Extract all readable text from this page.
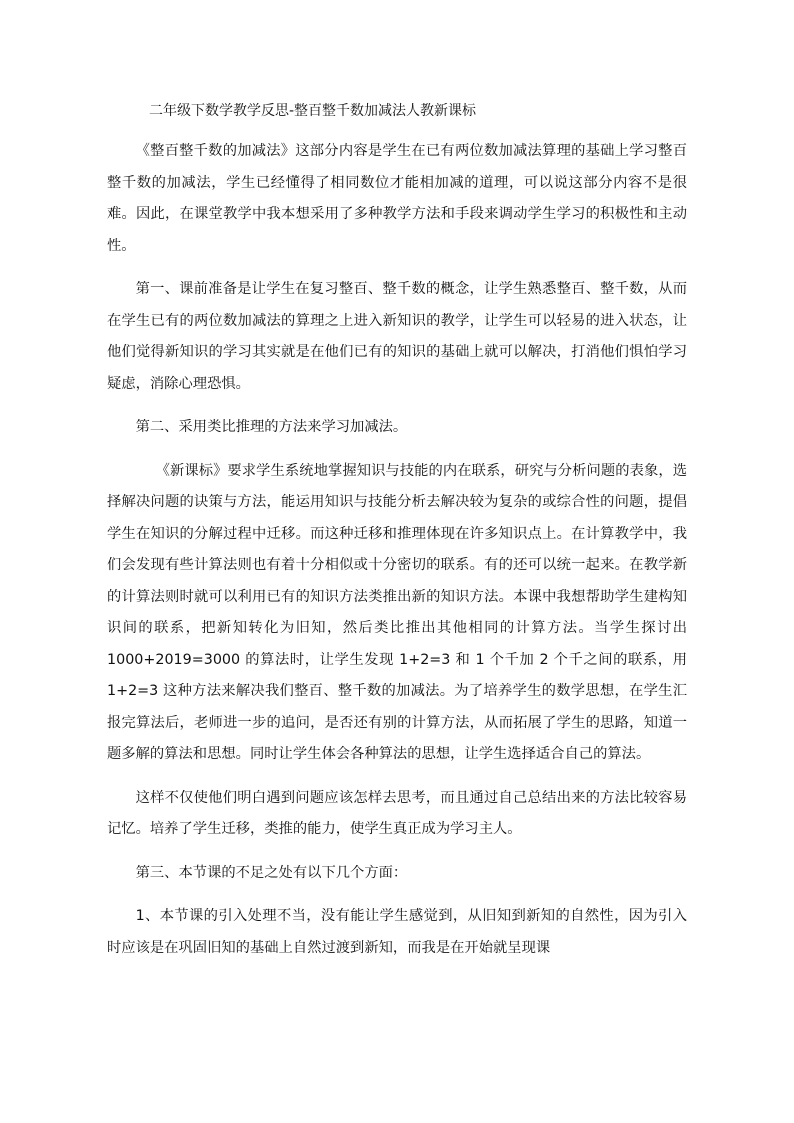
二年级下数学教学反思-整百整千数加减法人教新课标

《整百整千数的加减法》这部分内容是学生在已有两位数加减法算理的基础上学习整百整千数的加减法，学生已经懂得了相同数位才能相加减的道理，可以说这部分内容不是很难。因此，在课堂教学中我本想采用了多种教学方法和手段来调动学生学习的积极性和主动性。

第一、课前准备是让学生在复习整百、整千数的概念，让学生熟悉整百、整千数，从而在学生已有的两位数加减法的算理之上进入新知识的教学，让学生可以轻易的进入状态，让他们觉得新知识的学习其实就是在他们已有的知识的基础上就可以解决，打消他们惧怕学习疑虑，消除心理恐惧。

第二、采用类比推理的方法来学习加减法。

《新课标》要求学生系统地掌握知识与技能的内在联系，研究与分析问题的表象，选择解决问题的诀策与方法，能运用知识与技能分析去解决较为复杂的或综合性的问题，提倡学生在知识的分解过程中迁移。而这种迁移和推理体现在许多知识点上。在计算教学中，我们会发现有些计算法则也有着十分相似或十分密切的联系。有的还可以统一起来。在教学新的计算法则时就可以利用已有的知识方法类推出新的知识方法。本课中我想帮助学生建构知识间的联系，把新知转化为旧知，然后类比推出其他相同的计算方法。当学生探讨出 1000+2019=3000 的算法时，让学生发现 1+2=3 和 1 个千加 2 个千之间的联系，用 1+2=3 这种方法来解决我们整百、整千数的加减法。为了培养学生的数学思想，在学生汇报完算法后，老师进一步的追问，是否还有别的计算方法，从而拓展了学生的思路，知道一题多解的算法和思想。同时让学生体会各种算法的思想，让学生选择适合自己的算法。

这样不仅使他们明白遇到问题应该怎样去思考，而且通过自己总结出来的方法比较容易记忆。培养了学生迁移，类推的能力，使学生真正成为学习主人。

第三、本节课的不足之处有以下几个方面：

1、本节课的引入处理不当，没有能让学生感觉到，从旧知到新知的自然性，因为引入时应该是在巩固旧知的基础上自然过渡到新知，而我是在开始就呈现课
